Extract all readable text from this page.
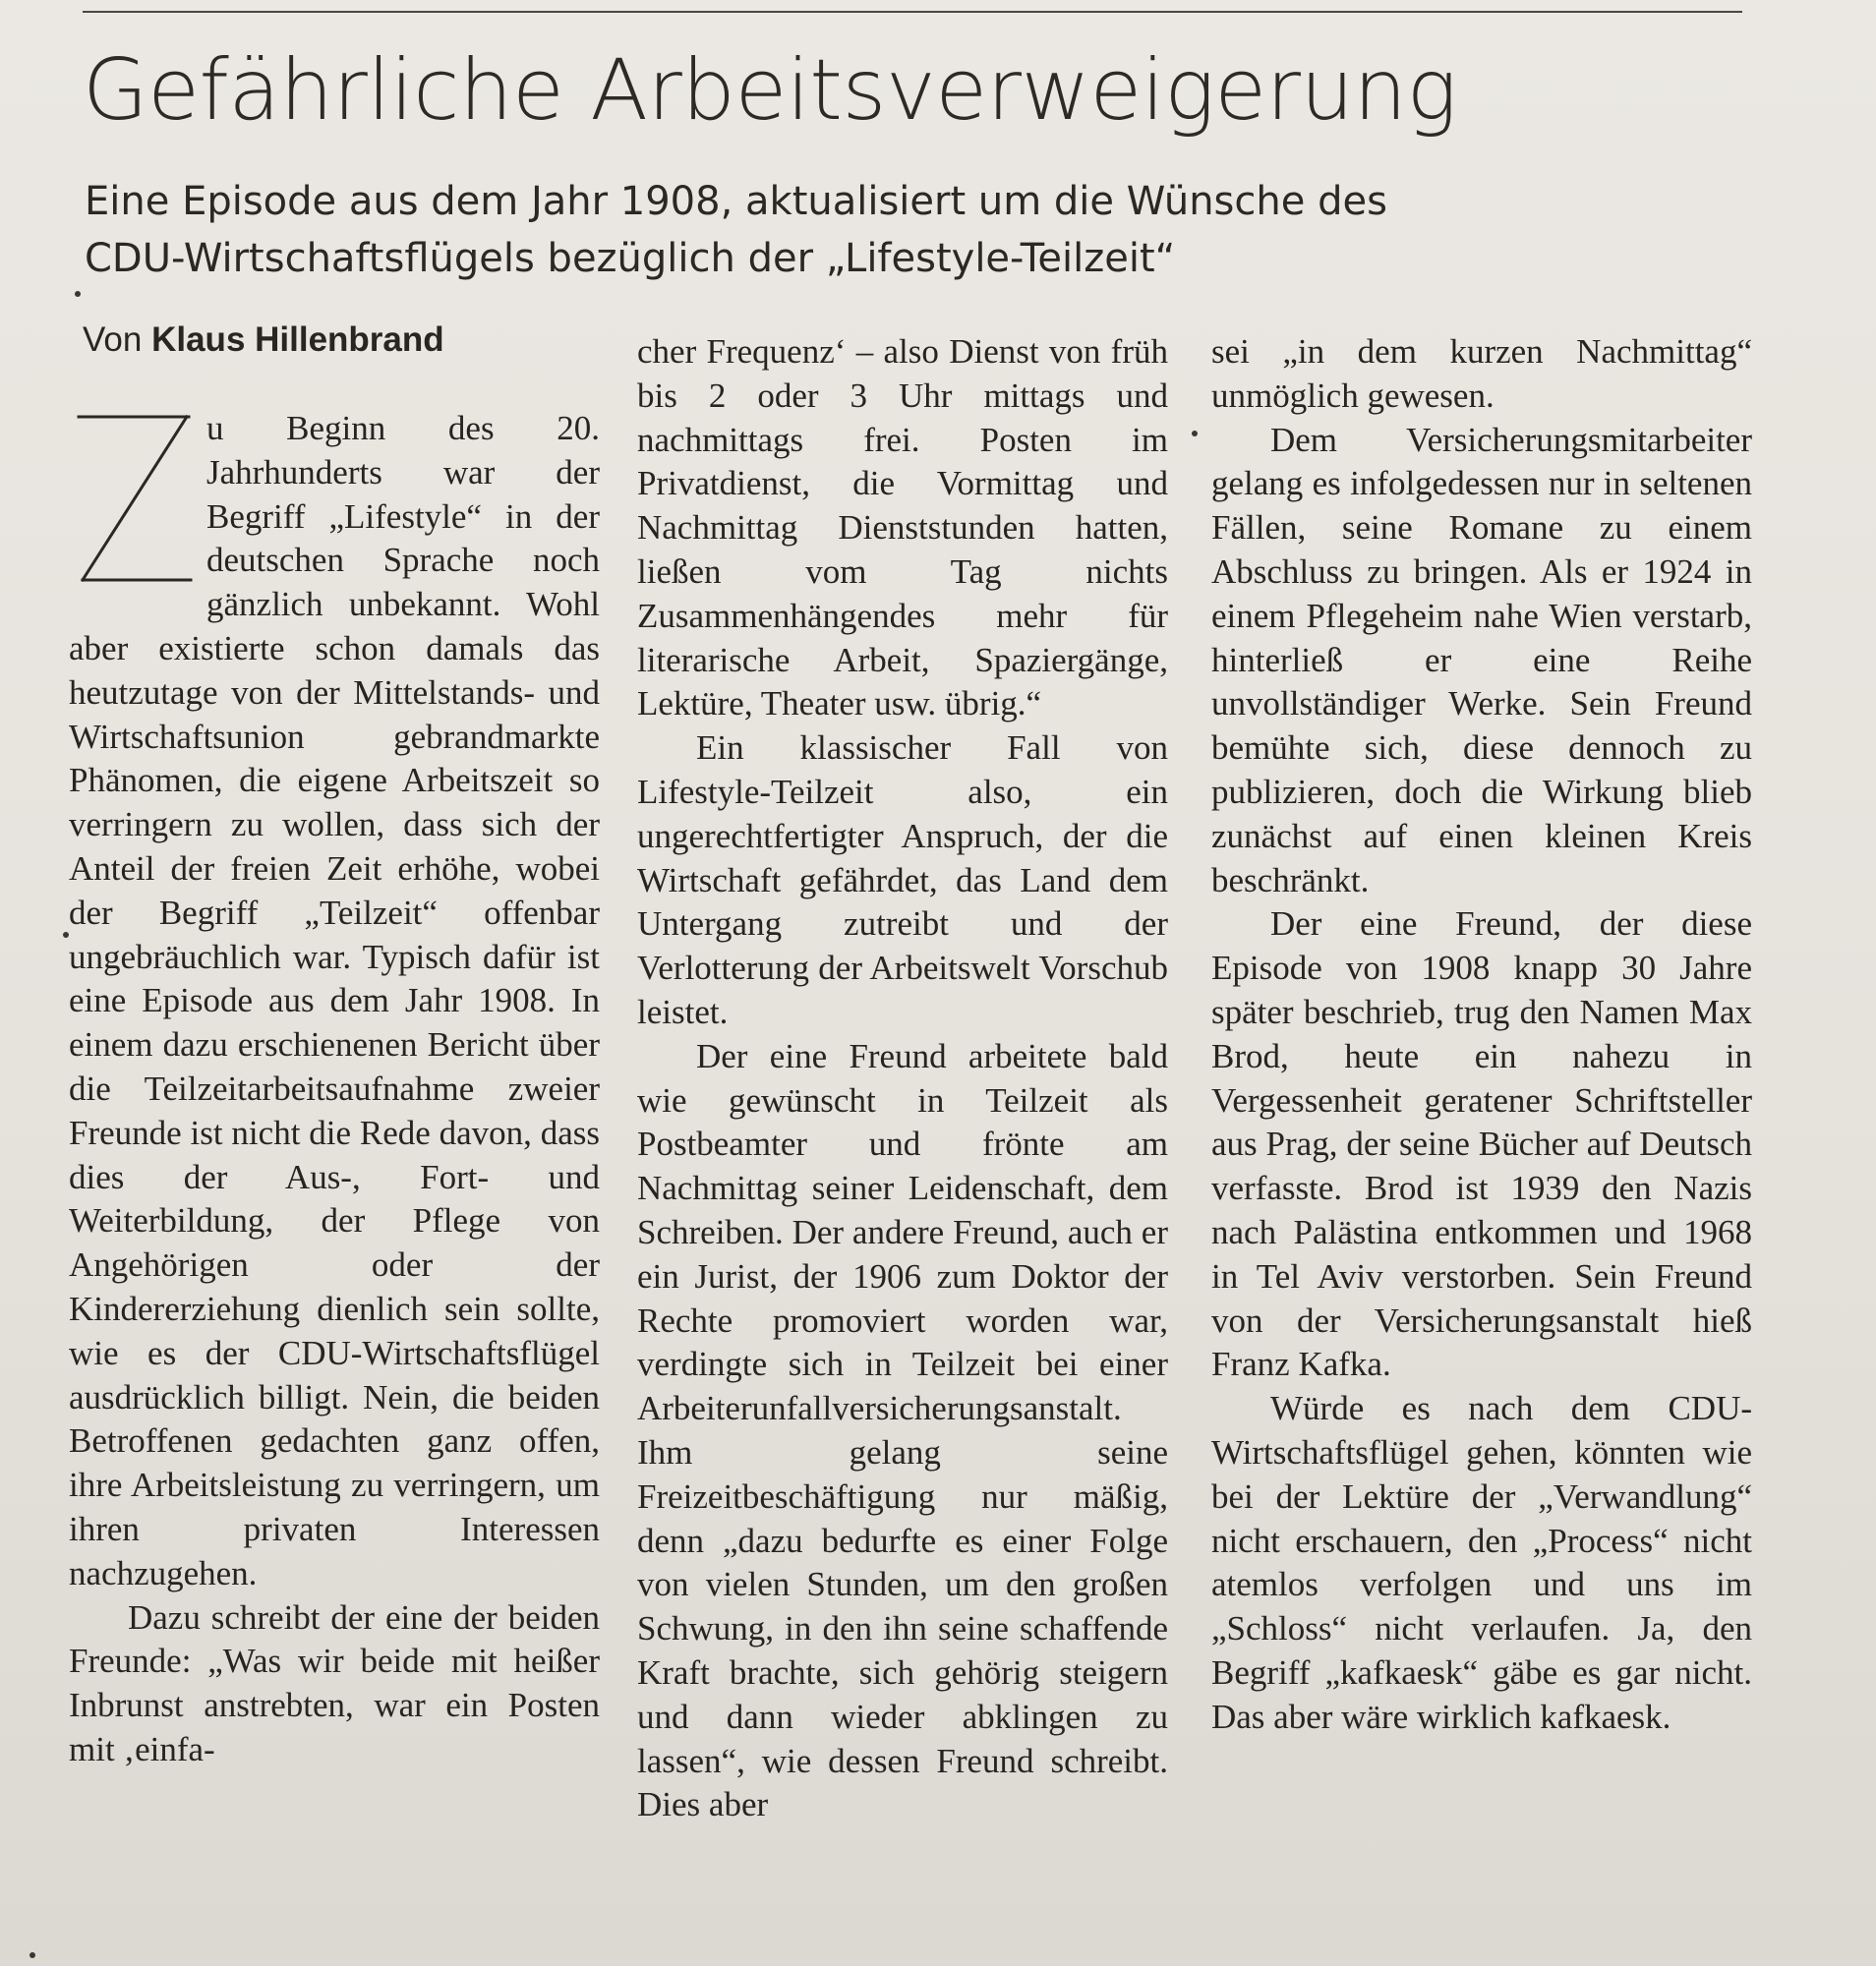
Gefährliche Arbeitsverweigerung
Eine Episode aus dem Jahr 1908, aktualisiert um die Wünsche des CDU-Wirtschaftsflügels bezüglich der „Lifestyle-Teilzeit“
Von Klaus Hillenbrand

u Beginn des 20. Jahrhunderts war der Begriff „Lifestyle“ in der deutschen Sprache noch gänzlich unbekannt. Wohl aber existierte schon damals das heutzutage von der Mittelstands- und Wirtschaftsunion gebrandmarkte Phänomen, die eigene Arbeitszeit so verringern zu wollen, dass sich der Anteil der freien Zeit erhöhe, wobei der Begriff „Teilzeit“ offenbar ungebräuchlich war. Typisch dafür ist eine Episode aus dem Jahr 1908. In einem dazu erschienenen Bericht über die Teilzeitarbeitsaufnahme zweier Freunde ist nicht die Rede davon, dass dies der Aus-, Fort- und Weiterbildung, der Pflege von Angehörigen oder der Kindererziehung dienlich sein sollte, wie es der CDU-Wirtschaftsflügel ausdrücklich billigt. Nein, die beiden Betroffenen gedachten ganz offen, ihre Arbeitsleistung zu verringern, um ihren privaten Interessen nachzugehen.

Dazu schreibt der eine der beiden Freunde: „Was wir beide mit heißer Inbrunst anstrebten, war ein Posten mit ‚einfa-

cher Frequenz‘ – also Dienst von früh bis 2 oder 3 Uhr mittags und nachmittags frei. Posten im Privatdienst, die Vormittag und Nachmittag Dienststunden hatten, ließen vom Tag nichts Zusammenhängendes mehr für literarische Arbeit, Spaziergänge, Lektüre, Theater usw. übrig.“

Ein klassischer Fall von Lifestyle-Teilzeit also, ein ungerechtfertigter Anspruch, der die Wirtschaft gefährdet, das Land dem Untergang zutreibt und der Verlotterung der Arbeitswelt Vorschub leistet.

Der eine Freund arbeitete bald wie gewünscht in Teilzeit als Postbeamter und frönte am Nachmittag seiner Leidenschaft, dem Schreiben. Der andere Freund, auch er ein Jurist, der 1906 zum Doktor der Rechte promoviert worden war, verdingte sich in Teilzeit bei einer Arbeiterunfallversicherungsanstalt. Ihm gelang seine Freizeitbeschäftigung nur mäßig, denn „dazu bedurfte es einer Folge von vielen Stunden, um den großen Schwung, in den ihn seine schaffende Kraft brachte, sich gehörig steigern und dann wieder abklingen zu lassen“, wie dessen Freund schreibt. Dies aber

sei „in dem kurzen Nachmittag“ unmöglich gewesen.

Dem Versicherungsmitarbeiter gelang es infolgedessen nur in seltenen Fällen, seine Romane zu einem Abschluss zu bringen. Als er 1924 in einem Pflegeheim nahe Wien verstarb, hinterließ er eine Reihe unvollständiger Werke. Sein Freund bemühte sich, diese dennoch zu publizieren, doch die Wirkung blieb zunächst auf einen kleinen Kreis beschränkt.

Der eine Freund, der diese Episode von 1908 knapp 30 Jahre später beschrieb, trug den Namen Max Brod, heute ein nahezu in Vergessenheit geratener Schriftsteller aus Prag, der seine Bücher auf Deutsch verfasste. Brod ist 1939 den Nazis nach Palästina entkommen und 1968 in Tel Aviv verstorben. Sein Freund von der Versicherungsanstalt hieß Franz Kafka.

Würde es nach dem CDU-Wirtschaftsflügel gehen, könnten wie bei der Lektüre der „Verwandlung“ nicht erschauern, den „Process“ nicht atemlos verfolgen und uns im „Schloss“ nicht verlaufen. Ja, den Begriff „kafkaesk“ gäbe es gar nicht. Das aber wäre wirklich kafkaesk.
